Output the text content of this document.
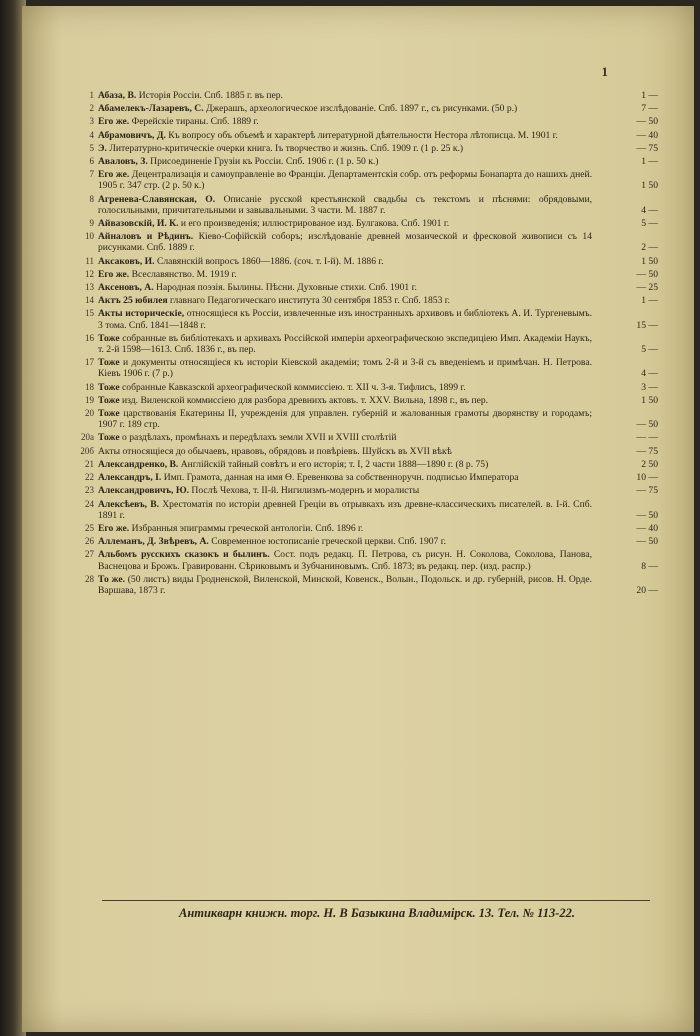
1
1 Абаза, В. Исторiя Россiи. Спб. 1885 г. въ пер.	1 —
2 Абамелекъ-Лазаревъ, С. Джерашъ, археологическое изслѣдованiе. Спб. 1897 г., съ рисунками. (50 р.)	7 —
3 Его же. Ферейскiе тираны. Спб. 1889 г.	— 50
4 Абрамовичъ, Д. Къ вопросу объ объемѣ и характерѣ литературной дѣятельности Нестора лѣтописца. М. 1901 г.	— 40
5 Э. Литературно-критическiе очерки книга. Iъ творчество и жизнь. Спб. 1909 г. (1 р. 25 к.)	— 75
6 Аваловъ, З. Присоединенiе Грузiи къ Россiи. Спб. 1906 г. (1 р. 50 к.)	1 —
7 Его же. Децентрализацiя и самоуправленiе во Францiи. Департаментскiя собр. отъ реформы Бонапарта до нашихъ дней. 1905 г. 347 стр. (2 р. 50 к.)	1 50
8 Агренева-Славянская, О. Описанiе русской крестьянской свадьбы съ текстомъ и пѣснями: обрядовыми, голосильными, причитательными и завывальными. 3 части. М. 1887 г.	4 —
9 Айвазовскiй, И. К. и его произведенiя; иллюстрированое изд. Булгакова. Спб. 1901 г.	5 —
10 Айналовъ и Рѣдинъ. Кiево-Софiйскiй соборъ; изслѣдованiе древней мозаической и фресковой живописи съ 14 рисунками. Спб. 1889 г.	2 —
11 Аксаковъ, И. Славянскiй вопросъ 1860—1886. (соч. т. I-й). М. 1886 г.	1 50
12 Его же. Всеславянство. М. 1919 г.	— 50
13 Аксеновъ, А. Народная поэзiя. Былины. Пѣсни. Духовные стихи. Спб. 1901 г.	— 25
14 Актъ 25 юбилея главнаго Педагогическаго института 30 сентября 1853 г. Спб. 1853 г.	1 —
15 Акты историческiе, относящiеся къ Россiи, извлеченные изъ иностранныхъ архивовъ и библiотекъ А. И. Тургеневымъ. 3 тома. Спб. 1841—1848 г.	15 —
16 Тоже собранные въ библiотекахъ и архивахъ Россiйской имперiи археографическою экспедицiею Имп. Академiи Наукъ, т. 2-й 1598—1613. Спб. 1836 г., въ пер.	5 —
17 Тоже и документы относящiеся къ исторiи Кiевской академiи; томъ 2-й и 3-й съ введенiемъ и примѣчан. Н. Петрова. Кiевъ 1906 г. (7 р.)	4 —
18 Тоже собранные Кавказской археографической коммиссiею. т. XII ч. 3-я. Тифлисъ, 1899 г.	3 —
19 Тоже изд. Виленской коммиссiею для разбора древнихъ актовъ. т. XXV. Вильна, 1898 г., въ пер.	1 50
20 Тоже царствованiя Екатерины II, учрежденiя для управлен. губернiй и жалованныя грамоты дворянству и городамъ; 1907 г. 189 стр.	— 50
20а Тоже о раздѣлахъ, промѣнахъ и передѣлахъ земли XVII и XVIII столѣтiй	— —
20б Акты относящiеся до обычаевъ, нравовъ, обрядовъ и повѣрiевъ. Шуйскъ въ XVII вѣкѣ	— 75
21 Александренко, В. Англiйскiй тайный совѣтъ и его исторiя; т. I, 2 части 1888—1890 г. (8 р. 75)	2 50
22 Александръ, I. Имп. Грамота, данная на имя Ө. Еревенкова за собственноручн. подписью Императора	10 —
23 Александровичъ, Ю. Послѣ Чехова, т. II-й. Нигилизмъ-модернъ и моралисты	— 75
24 Алексѣевъ, В. Хрестоматiя по исторiи древней Грецiи въ отрывкахъ изъ древне-классическихъ писателей. в. I-й. Спб. 1891 г.	— 50
25 Его же. Избранныя эпиграммы греческой антологiи. Спб. 1896 г.	— 40
26 Аллеманъ, Д. Звѣревъ, А. Современное юстописанiе греческой церкви. Спб. 1907 г.	— 50
27 Альбомъ русскихъ сказокъ и былинъ. Сост. подъ редакц. П. Петрова, съ рисун. Н. Соколова, Соколова, Панова, Васнецова и Брожъ. Гравированн. Сѣриковымъ и Зубчаниновымъ. Спб. 1873; въ редакц. пер. (изд. распр.)	8 —
28 То же. (50 листъ) виды Гродненской, Виленской, Минской, Ковенск., Волын., Подольск. и др. губернiй, рисов. Н. Орде. Варшава, 1873 г.	20 —
Антикварн книжн. торг. Н. В Базыкина Владимiрск. 13. Тел. № 113-22.
